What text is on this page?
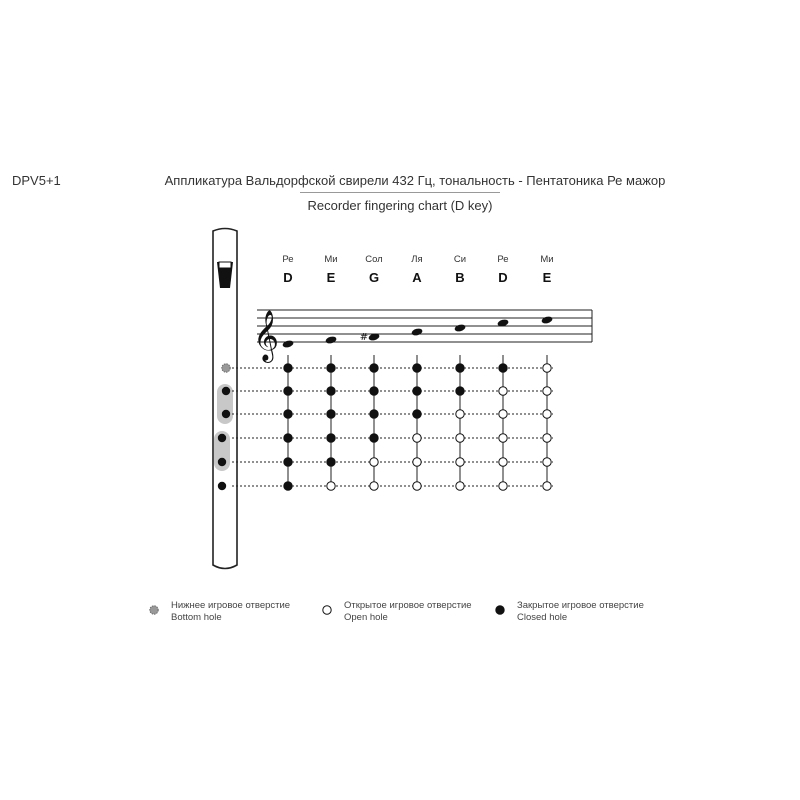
DPV5+1	Аппликатура Вальдорфской свирели 432 Гц, тональность - Пентатоника Ре мажор
Recorder fingering chart (D key)
𝄞	#
Ре
D
Ми
E
Сол
G
Ля
A
Си
B
Ре
D
Ми
E
Нижнее игровое отверстие
Bottom hole
Открытое игровое отверстие
Open hole
Закрытое игровое отверстие
Closed hole
